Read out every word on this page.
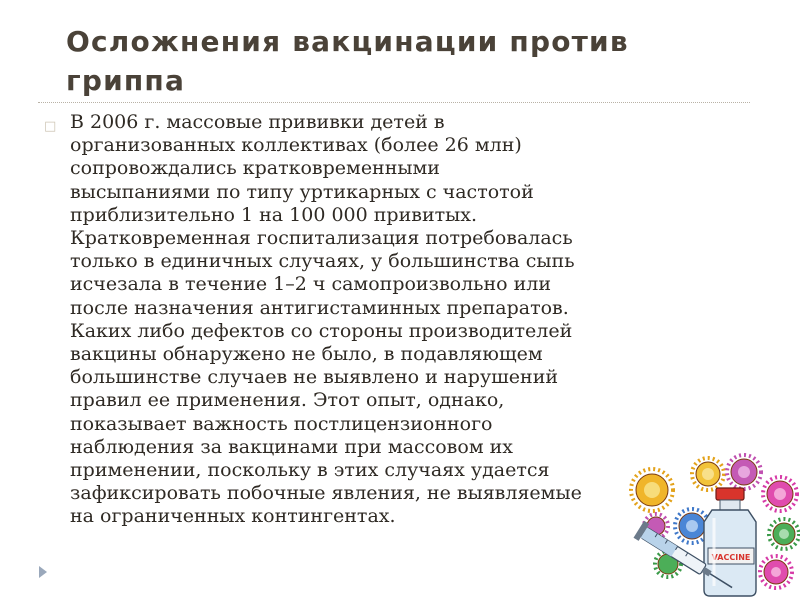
Осложнения вакцинации против гриппа
□ В 2006 г. массовые прививки детей в
организованных коллективах (более 26 млн)
сопровождались кратковременными
высыпаниями по типу уртикарных с частотой
приблизительно 1 на 100 000 привитых.
Кратковременная госпитализация потребовалась
только в единичных случаях, у большинства сыпь
исчезала в течение 1–2 ч самопроизвольно или
после назначения антигистаминных препаратов.
Каких либо дефектов со стороны производителей
вакцины обнаружено не было, в подавляющем
большинстве случаев не выявлено и нарушений
правил ее применения. Этот опыт, однако,
показывает важность постлицензионного
наблюдения за вакцинами при массовом их
применении, поскольку в этих случаях удается
зафиксировать побочные явления, не выявляемые
на ограниченных контингентах.

VACCINE
